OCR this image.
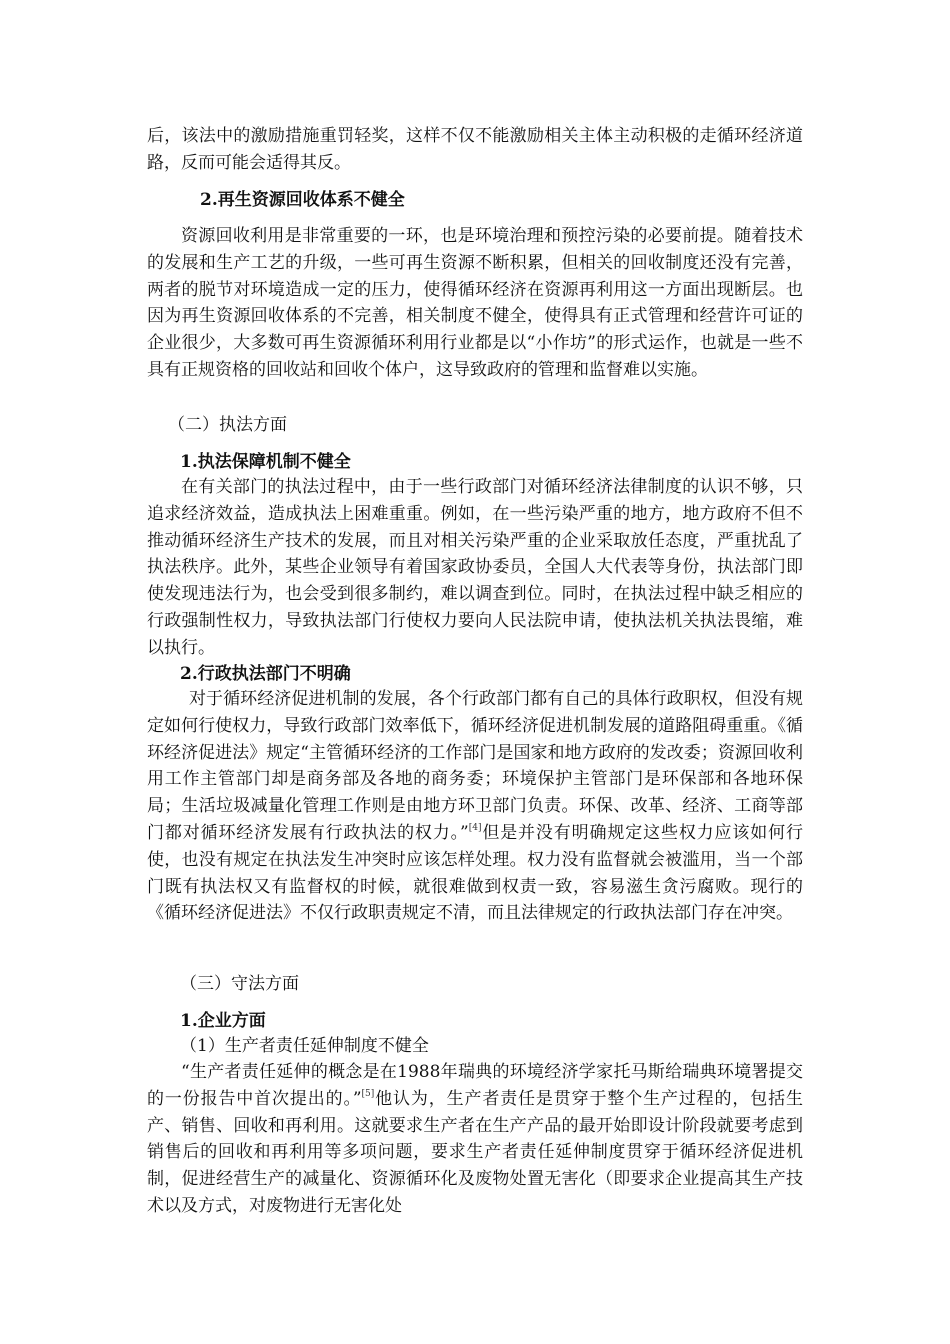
后，该法中的激励措施重罚轻奖，这样不仅不能激励相关主体主动积极的走循环经济道路，反而可能会适得其反。
2.再生资源回收体系不健全
资源回收利用是非常重要的一环，也是环境治理和预控污染的必要前提。随着技术的发展和生产工艺的升级，一些可再生资源不断积累，但相关的回收制度还没有完善，两者的脱节对环境造成一定的压力，使得循环经济在资源再利用这一方面出现断层。也因为再生资源回收体系的不完善，相关制度不健全，使得具有正式管理和经营许可证的企业很少，大多数可再生资源循环利用行业都是以“小作坊”的形式运作，也就是一些不具有正规资格的回收站和回收个体户，这导致政府的管理和监督难以实施。
（二）执法方面
1.执法保障机制不健全
在有关部门的执法过程中，由于一些行政部门对循环经济法律制度的认识不够，只追求经济效益，造成执法上困难重重。例如，在一些污染严重的地方，地方政府不但不推动循环经济生产技术的发展，而且对相关污染严重的企业采取放任态度，严重扰乱了执法秩序。此外，某些企业领导有着国家政协委员，全国人大代表等身份，执法部门即使发现违法行为，也会受到很多制约，难以调查到位。同时，在执法过程中缺乏相应的行政强制性权力，导致执法部门行使权力要向人民法院申请，使执法机关执法畏缩，难以执行。
2.行政执法部门不明确
对于循环经济促进机制的发展，各个行政部门都有自己的具体行政职权，但没有规定如何行使权力，导致行政部门效率低下，循环经济促进机制发展的道路阻碍重重。《循环经济促进法》规定“主管循环经济的工作部门是国家和地方政府的发改委；资源回收利用工作主管部门却是商务部及各地的商务委；环境保护主管部门是环保部和各地环保局；生活垃圾减量化管理工作则是由地方环卫部门负责。环保、改革、经济、工商等部门都对循环经济发展有行政执法的权力。”[4]但是并没有明确规定这些权力应该如何行使，也没有规定在执法发生冲突时应该怎样处理。权力没有监督就会被滥用，当一个部门既有执法权又有监督权的时候，就很难做到权责一致，容易滋生贪污腐败。现行的《循环经济促进法》不仅行政职责规定不清，而且法律规定的行政执法部门存在冲突。
（三）守法方面
1.企业方面
（1）生产者责任延伸制度不健全
“生产者责任延伸的概念是在1988年瑞典的环境经济学家托马斯给瑞典环境署提交的一份报告中首次提出的。”[5]他认为，生产者责任是贯穿于整个生产过程的，包括生产、销售、回收和再利用。这就要求生产者在生产产品的最开始即设计阶段就要考虑到销售后的回收和再利用等多项问题，要求生产者责任延伸制度贯穿于循环经济促进机制，促进经营生产的减量化、资源循环化及废物处置无害化（即要求企业提高其生产技术以及方式，对废物进行无害化处
